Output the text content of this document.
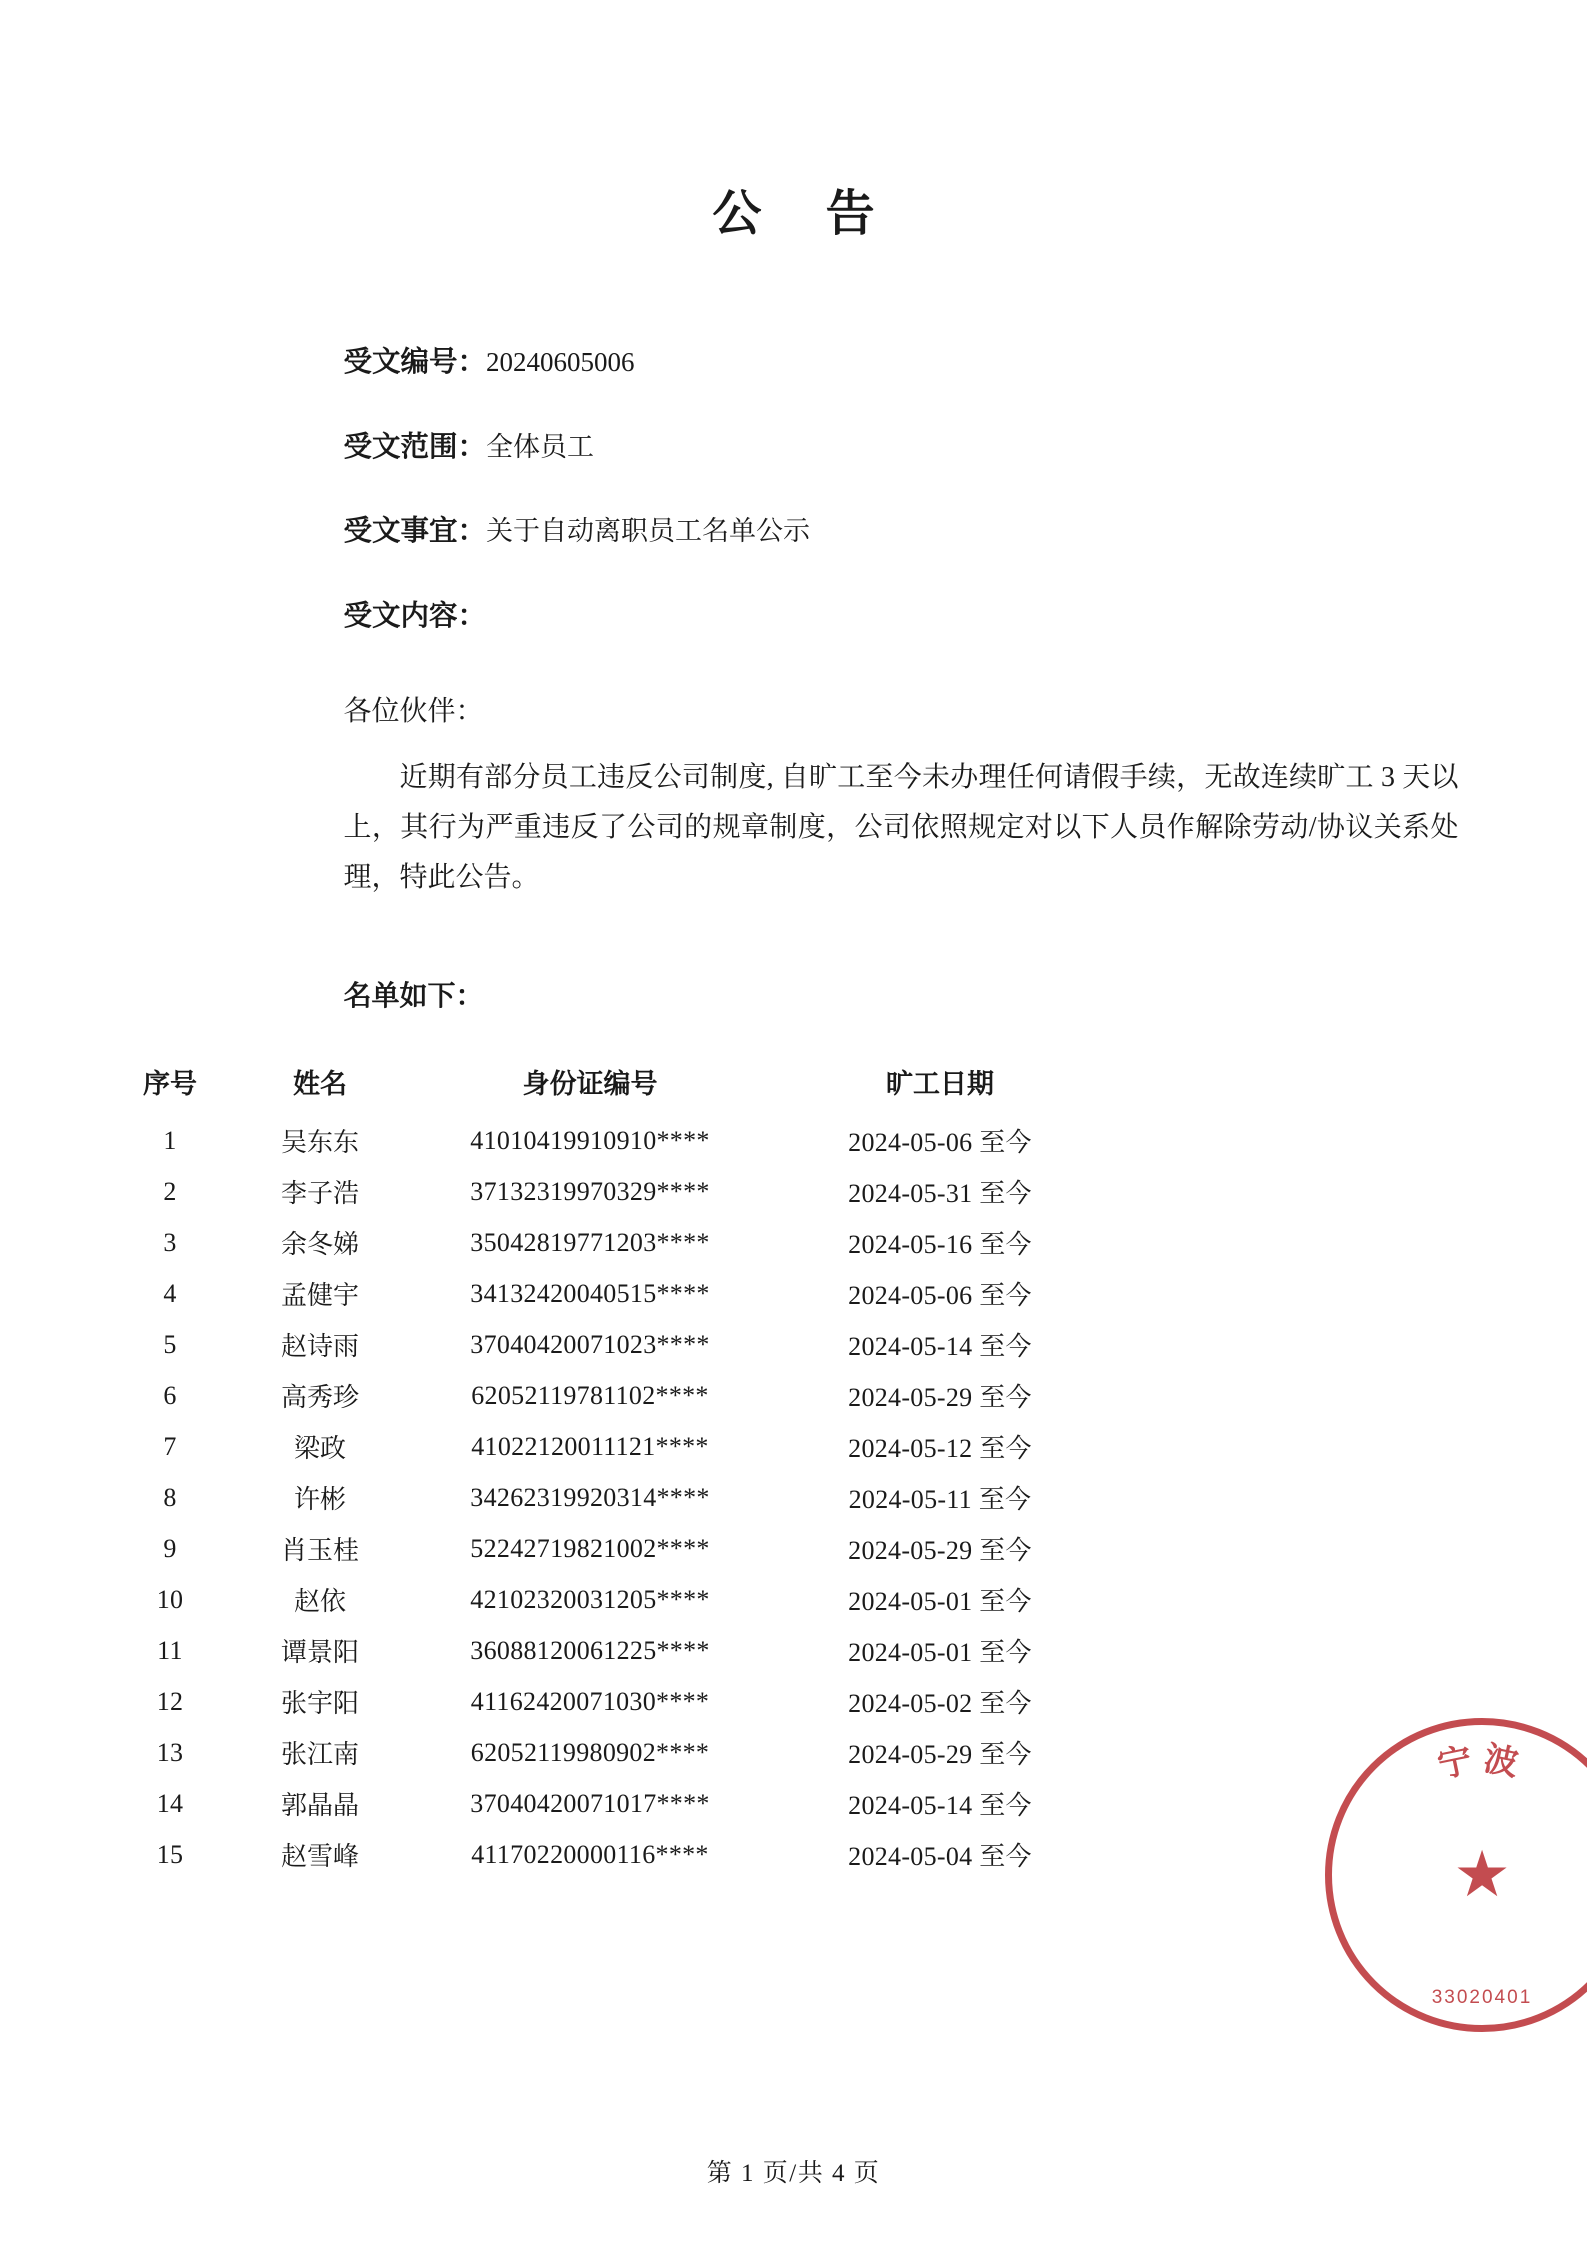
公 告
受文编号：20240605006
受文范围：全体员工
受文事宜：关于自动离职员工名单公示
受文内容：
各位伙伴：
近期有部分员工违反公司制度, 自旷工至今未办理任何请假手续，无故连续旷工 3 天以上，其行为严重违反了公司的规章制度，公司依照规定对以下人员作解除劳动/协议关系处理，特此公告。
名单如下：
序号	姓名	身份证编号	旷工日期
1	吴东东	41010419910910****	2024-05-06 至今
2	李子浩	37132319970329****	2024-05-31 至今
3	余冬娣	35042819771203****	2024-05-16 至今
4	孟健宇	34132420040515****	2024-05-06 至今
5	赵诗雨	37040420071023****	2024-05-14 至今
6	高秀珍	62052119781102****	2024-05-29 至今
7	梁政	41022120011121****	2024-05-12 至今
8	许彬	34262319920314****	2024-05-11 至今
9	肖玉桂	52242719821002****	2024-05-29 至今
10	赵依	42102320031205****	2024-05-01 至今
11	谭景阳	36088120061225****	2024-05-01 至今
12	张宇阳	41162420071030****	2024-05-02 至今
13	张江南	62052119980902****	2024-05-29 至今
14	郭晶晶	37040420071017****	2024-05-14 至今
15	赵雪峰	41170220000116****	2024-05-04 至今
宁波
★
33020401
第 1 页/共 4 页
